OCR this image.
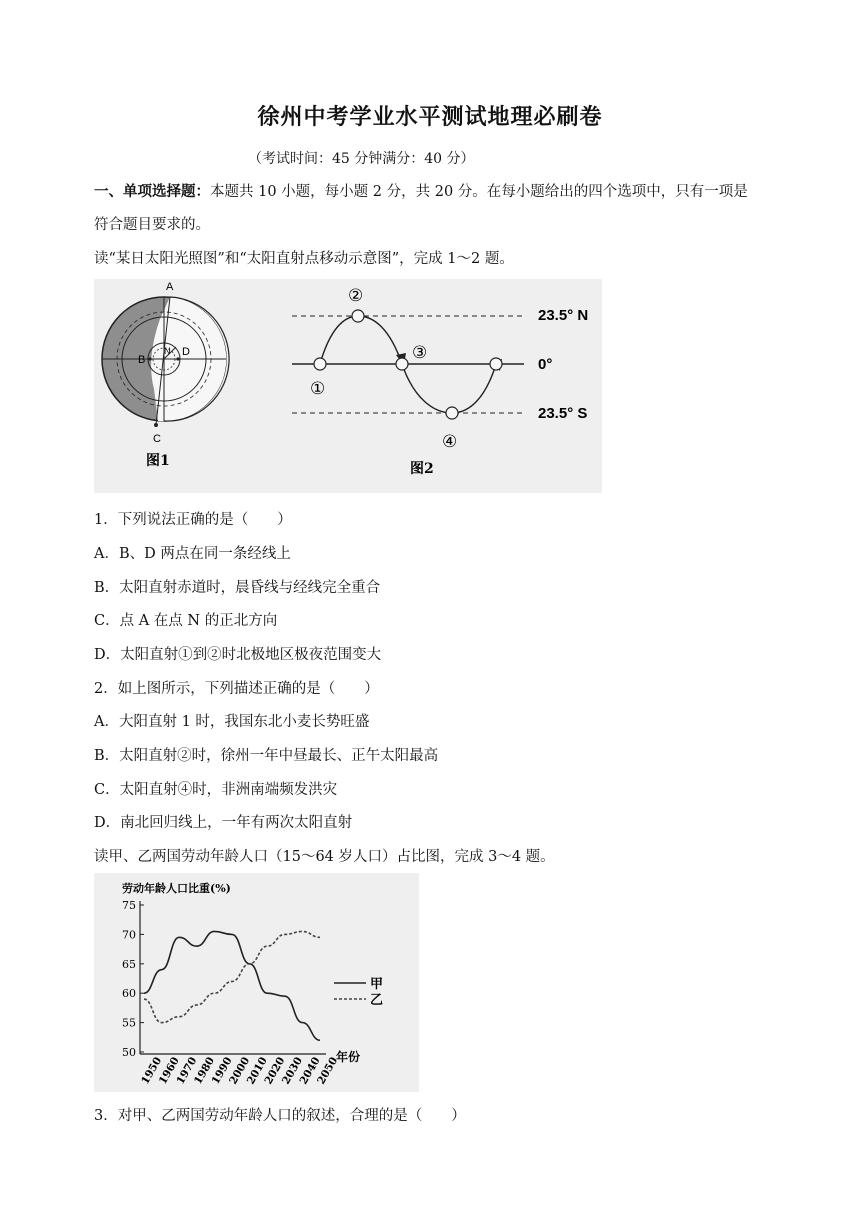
徐州中考学业水平测试地理必刷卷
（考试时间：45 分钟满分：40 分）
一、单项选择题：本题共 10 小题，每小题 2 分，共 20 分。在每小题给出的四个选项中，只有一项是
符合题目要求的。
读“某日太阳光照图”和“太阳直射点移动示意图”，完成 1～2 题。
A
B
N D
C
图1
②
③
①
④
23.5° N
0°
23.5° S
图2
1．下列说法正确的是（　　）
A．B、D 两点在同一条经线上
B．太阳直射赤道时，晨昏线与经线完全重合
C．点 A 在点 N 的正北方向
D．太阳直射①到②时北极地区极夜范围变大
2．如上图所示，下列描述正确的是（　　）
A．大阳直射 1 时，我国东北小麦长势旺盛
B．太阳直射②时，徐州一年中昼最长、正午太阳最高
C．太阳直射④时，非洲南端频发洪灾
D．南北回归线上，一年有两次太阳直射
读甲、乙两国劳动年龄人口（15～64 岁人口）占比图，完成 3～4 题。
劳动年龄人口比重(%)
年份
75
70
65
60
55
50
1950
1960
1970
1980
1990
2000
2010
2020
2030
2040
2050
甲
乙
3．对甲、乙两国劳动年龄人口的叙述，合理的是（　　）
